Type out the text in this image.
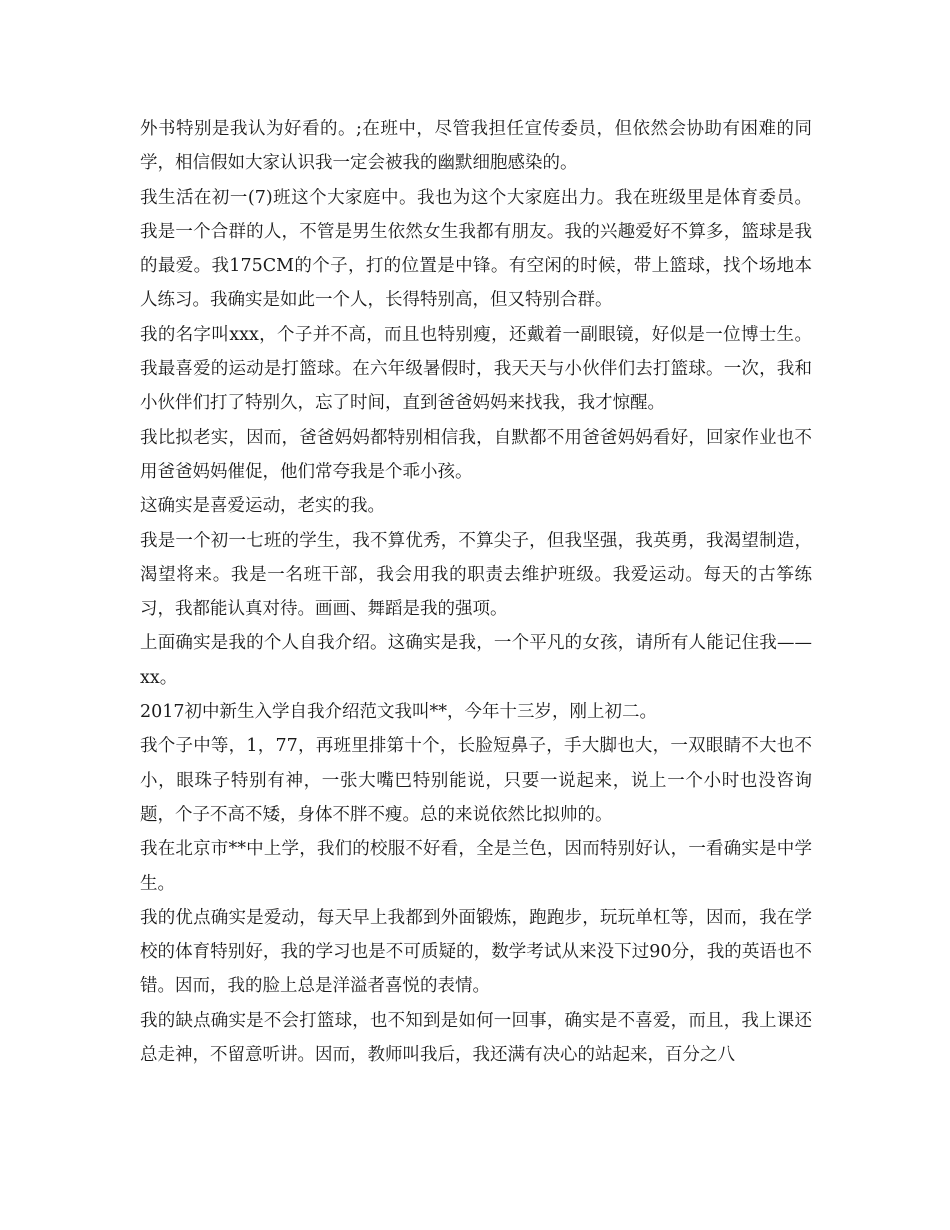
外书特别是我认为好看的。;在班中，尽管我担任宣传委员，但依然会协助有困难的同学，相信假如大家认识我一定会被我的幽默细胞感染的。

我生活在初一(7)班这个大家庭中。我也为这个大家庭出力。我在班级里是体育委员。我是一个合群的人，不管是男生依然女生我都有朋友。我的兴趣爱好不算多，篮球是我的最爱。我175CM的个子，打的位置是中锋。有空闲的时候，带上篮球，找个场地本人练习。我确实是如此一个人，长得特别高，但又特别合群。

我的名字叫xxx，个子并不高，而且也特别瘦，还戴着一副眼镜，好似是一位博士生。我最喜爱的运动是打篮球。在六年级暑假时，我天天与小伙伴们去打篮球。一次，我和小伙伴们打了特别久，忘了时间，直到爸爸妈妈来找我，我才惊醒。

我比拟老实，因而，爸爸妈妈都特别相信我，自默都不用爸爸妈妈看好，回家作业也不用爸爸妈妈催促，他们常夸我是个乖小孩。

这确实是喜爱运动，老实的我。

我是一个初一七班的学生，我不算优秀，不算尖子，但我坚强，我英勇，我渴望制造，渴望将来。我是一名班干部，我会用我的职责去维护班级。我爱运动。每天的古筝练习，我都能认真对待。画画、舞蹈是我的强项。

上面确实是我的个人自我介绍。这确实是我，一个平凡的女孩，请所有人能记住我——xx。

2017初中新生入学自我介绍范文我叫**，今年十三岁，刚上初二。

我个子中等，1，77，再班里排第十个，长脸短鼻子，手大脚也大，一双眼睛不大也不小，眼珠子特别有神，一张大嘴巴特别能说，只要一说起来，说上一个小时也没咨询题，个子不高不矮，身体不胖不瘦。总的来说依然比拟帅的。

我在北京市**中上学，我们的校服不好看，全是兰色，因而特别好认，一看确实是中学生。

我的优点确实是爱动，每天早上我都到外面锻炼，跑跑步，玩玩单杠等，因而，我在学校的体育特别好，我的学习也是不可质疑的，数学考试从来没下过90分，我的英语也不错。因而，我的脸上总是洋溢者喜悦的表情。

我的缺点确实是不会打篮球，也不知到是如何一回事，确实是不喜爱，而且，我上课还总走神，不留意听讲。因而，教师叫我后，我还满有决心的站起来，百分之八
